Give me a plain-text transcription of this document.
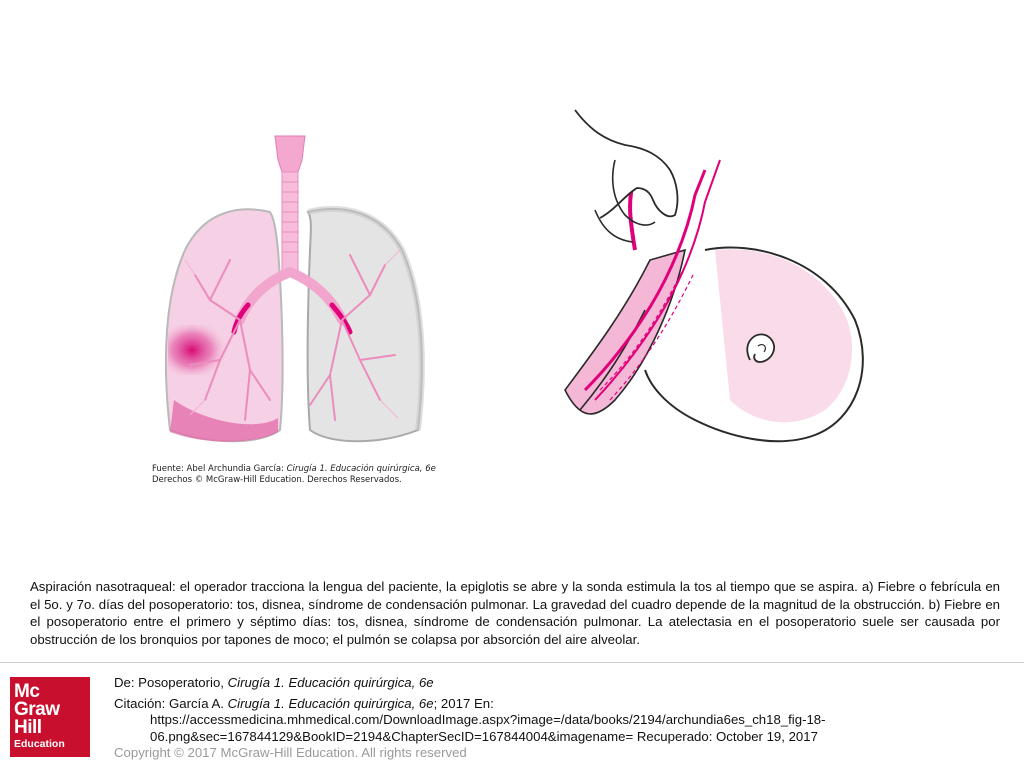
Fuente: Abel Archundia García: Cirugía 1. Educación quirúrgica, 6e
Derechos © McGraw-Hill Education. Derechos Reservados.
Aspiración nasotraqueal: el operador tracciona la lengua del paciente, la epiglotis se abre y la sonda estimula la tos al tiempo que se aspira. a) Fiebre o febrícula en el 5o. y 7o. días del posoperatorio: tos, disnea, síndrome de condensación pulmonar. La gravedad del cuadro depende de la magnitud de la obstrucción. b) Fiebre en el posoperatorio entre el primero y séptimo días: tos, disnea, síndrome de condensación pulmonar. La atelectasia en el posoperatorio suele ser causada por obstrucción de los bronquios por tapones de moco; el pulmón se colapsa por absorción del aire alveolar.
Mc
Graw
Hill
Education
De: Posoperatorio, Cirugía 1. Educación quirúrgica, 6e
Citación: García A. Cirugía 1. Educación quirúrgica, 6e; 2017 En:
https://accessmedicina.mhmedical.com/DownloadImage.aspx?image=/data/books/2194/archundia6es_ch18_fig-18-
06.png&sec=167844129&BookID=2194&ChapterSecID=167844004&imagename= Recuperado: October 19, 2017
Copyright © 2017 McGraw-Hill Education. All rights reserved
